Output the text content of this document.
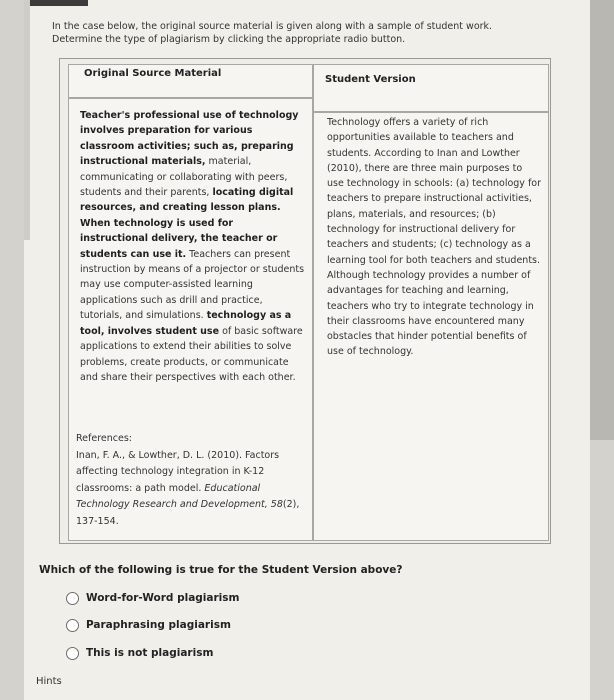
In the case below, the original source material is given along with a sample of student work.
Determine the type of plagiarism by clicking the appropriate radio button.
Original Source Material
Student Version
Teacher's professional use of technology involves preparation for various classroom activities; such as, preparing instructional materials, material, communicating or collaborating with peers, students and their parents, locating digital resources, and creating lesson plans. When technology is used for instructional delivery, the teacher or students can use it. Teachers can present instruction by means of a projector or students may use computer-assisted learning applications such as drill and practice, tutorials, and simulations. technology as a tool, involves student use of basic software applications to extend their abilities to solve problems, create products, or communicate and share their perspectives with each other.
References:
Inan, F. A., & Lowther, D. L. (2010). Factors affecting technology integration in K-12 classrooms: a path model. Educational Technology Research and Development, 58(2), 137-154.
Technology offers a variety of rich opportunities available to teachers and students. According to Inan and Lowther (2010), there are three main purposes to use technology in schools: (a) technology for teachers to prepare instructional activities, plans, materials, and resources; (b) technology for instructional delivery for teachers and students; (c) technology as a learning tool for both teachers and students. Although technology provides a number of advantages for teaching and learning, teachers who try to integrate technology in their classrooms have encountered many obstacles that hinder potential benefits of use of technology.
Which of the following is true for the Student Version above?
Word-for-Word plagiarism
Paraphrasing plagiarism
This is not plagiarism
Hints
